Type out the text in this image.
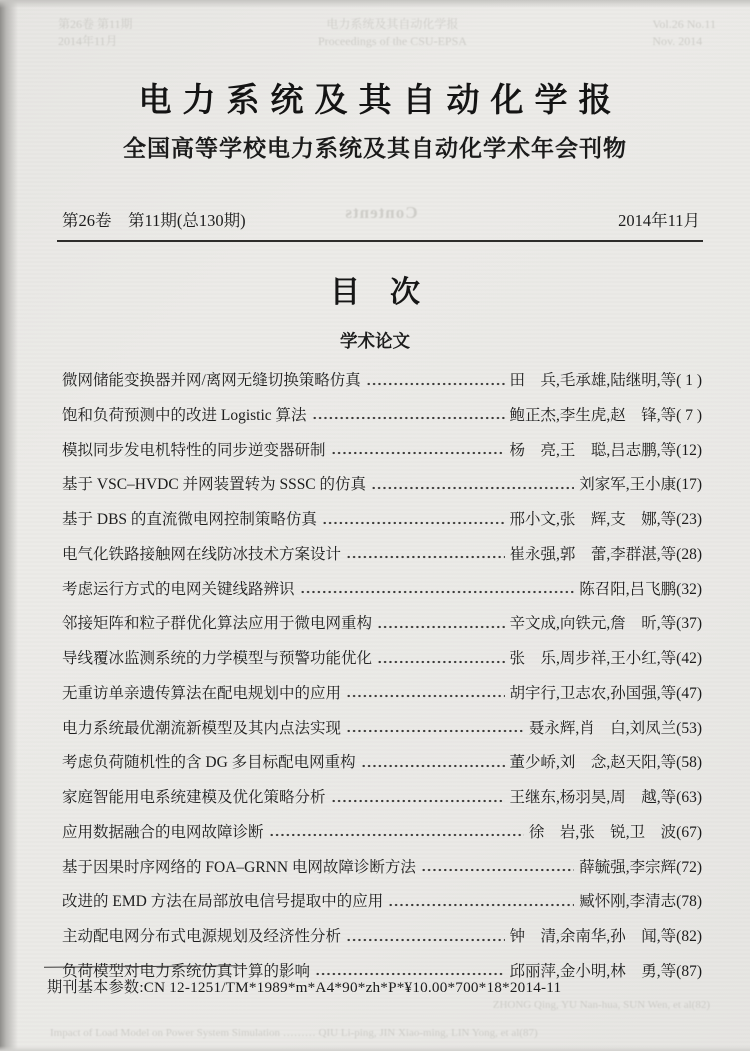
第26卷 第11期
2014年11月
电力系统及其自动化学报
Proceedings of the CSU-EPSA
Vol.26 No.11
Nov. 2014
电力系统及其自动化学报
全国高等学校电力系统及其自动化学术年会刊物
第26卷　第11期(总130期)	Contents	2014年11月
目　次
学术论文
微网储能变换器并网/离网无缝切换策略仿真	田　兵,毛承雄,陆继明,等( 1 )
饱和负荷预测中的改进 Logistic 算法	鲍正杰,李生虎,赵　锋,等( 7 )
模拟同步发电机特性的同步逆变器研制	杨　亮,王　聪,吕志鹏,等(12)
基于 VSC–HVDC 并网装置转为 SSSC 的仿真	刘家军,王小康(17)
基于 DBS 的直流微电网控制策略仿真	邢小文,张　辉,支　娜,等(23)
电气化铁路接触网在线防冰技术方案设计	崔永强,郭　蕾,李群湛,等(28)
考虑运行方式的电网关键线路辨识	陈召阳,吕飞鹏(32)
邻接矩阵和粒子群优化算法应用于微电网重构	辛文成,向铁元,詹　昕,等(37)
导线覆冰监测系统的力学模型与预警功能优化	张　乐,周步祥,王小红,等(42)
无重访单亲遗传算法在配电规划中的应用	胡宇行,卫志农,孙国强,等(47)
电力系统最优潮流新模型及其内点法实现	聂永辉,肖　白,刘凤兰(53)
考虑负荷随机性的含 DG 多目标配电网重构	董少峤,刘　念,赵天阳,等(58)
家庭智能用电系统建模及优化策略分析	王继东,杨羽昊,周　越,等(63)
应用数据融合的电网故障诊断	徐　岩,张　锐,卫　波(67)
基于因果时序网络的 FOA–GRNN 电网故障诊断方法	薛毓强,李宗辉(72)
改进的 EMD 方法在局部放电信号提取中的应用	臧怀刚,李清志(78)
主动配电网分布式电源规划及经济性分析	钟　清,余南华,孙　闻,等(82)
负荷模型对电力系统仿真计算的影响	邱丽萍,金小明,林　勇,等(87)
期刊基本参数:CN 12-1251/TM*1989*m*A4*90*zh*P*¥10.00*700*18*2014-11
ZHONG Qing, YU Nan-hua, SUN Wen, et al(82)
Impact of Load Model on Power System Simulation ……… QIU Li-ping, JIN Xiao-ming, LIN Yong, et al(87)
